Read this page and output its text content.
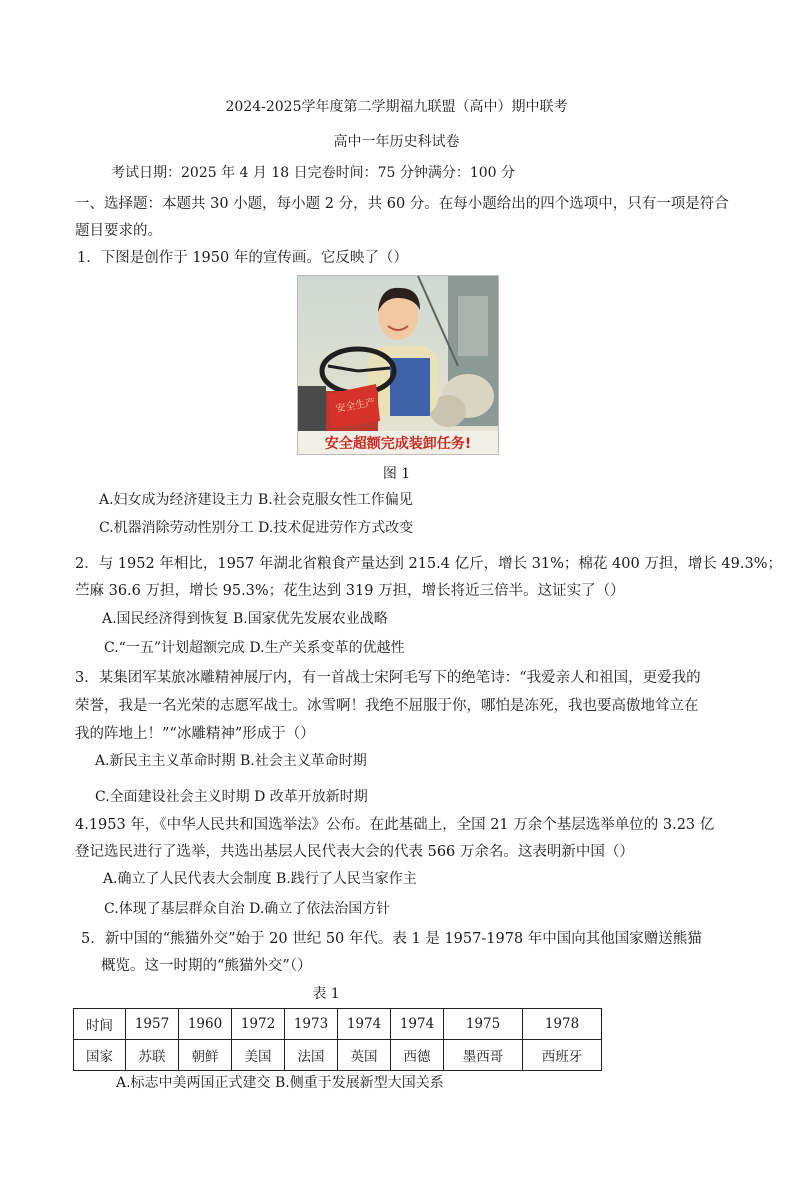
2024-2025学年度第二学期福九联盟（高中）期中联考
高中一年历史科试卷
考试日期：2025 年 4 月 18 日完卷时间：75 分钟满分：100 分
一、选择题：本题共 30 小题，每小题 2 分，共 60 分。在每小题给出的四个选项中，只有一项是符合
题目要求的。
1．下图是创作于 1950 年的宣传画。它反映了（）
安全生产
安全超额完成装卸任务!
图 1
A.妇女成为经济建设主力 B.社会克服女性工作偏见
C.机器消除劳动性别分工 D.技术促进劳作方式改变
2．与 1952 年相比，1957 年湖北省粮食产量达到 215.4 亿斤，增长 31%；棉花 400 万担，增长 49.3%；
苎麻 36.6 万担，增长 95.3%；花生达到 319 万担，增长将近三倍半。这证实了（）
A.国民经济得到恢复 B.国家优先发展农业战略
C.“一五”计划超额完成 D.生产关系变革的优越性
3．某集团军某旅冰雕精神展厅内，有一首战士宋阿毛写下的绝笔诗：“我爱亲人和祖国，更爱我的
荣誉，我是一名光荣的志愿军战士。冰雪啊！我绝不屈服于你，哪怕是冻死，我也要高傲地耸立在
我的阵地上！”“冰雕精神”形成于（）
A.新民主主义革命时期 B.社会主义革命时期
C.全面建设社会主义时期 D 改革开放新时期
4.1953 年，《中华人民共和国选举法》公布。在此基础上，全国 21 万余个基层选举单位的 3.23 亿
登记选民进行了选举，共选出基层人民代表大会的代表 566 万余名。这表明新中国（）
A.确立了人民代表大会制度 B.践行了人民当家作主
C.体现了基层群众自治 D.确立了依法治国方针
5．新中国的“熊猫外交”始于 20 世纪 50 年代。表 1 是 1957-1978 年中国向其他国家赠送熊猫
概览。这一时期的“熊猫外交”（）
表 1
时间	1957	1960	1972	1973	1974	1974	1975	1978
国家	苏联	朝鲜	美国	法国	英国	西德	墨西哥	西班牙
A.标志中美两国正式建交 B.侧重于发展新型大国关系
